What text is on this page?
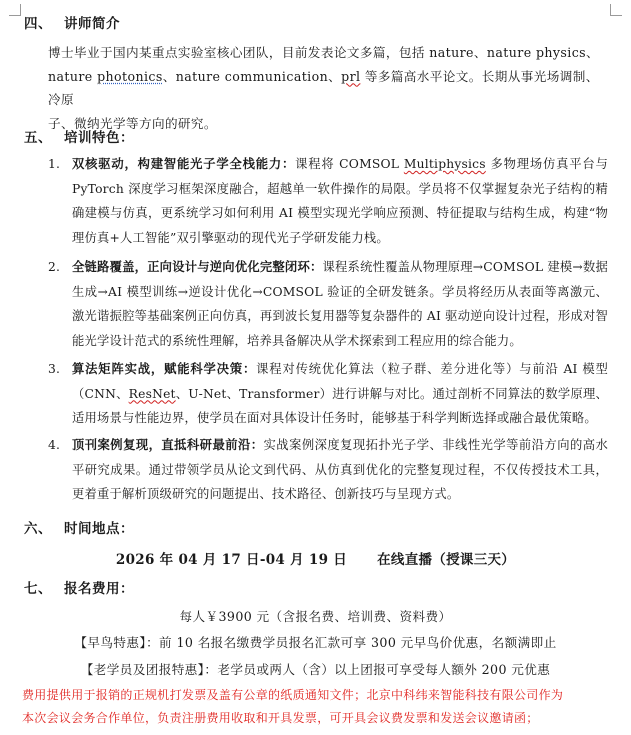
四、 讲师简介
博士毕业于国内某重点实验室核心团队，目前发表论文多篇，包括 nature、nature physics、
nature photonics、nature communication、prl 等多篇高水平论文。长期从事光场调制、冷原
子、微纳光学等方向的研究。
五、 培训特色：
1. 双核驱动，构建智能光子学全栈能力：课程将 COMSOL Multiphysics 多物理场仿真平台与 PyTorch 深度学习框架深度融合，超越单一软件操作的局限。学员将不仅掌握复杂光子结构的精确建模与仿真，更系统学习如何利用 AI 模型实现光学响应预测、特征提取与结构生成，构建“物理仿真+人工智能”双引擎驱动的现代光子学研发能力栈。
2. 全链路覆盖，正向设计与逆向优化完整闭环：课程系统性覆盖从物理原理→COMSOL 建模→数据生成→AI 模型训练→逆设计优化→COMSOL 验证的全研发链条。学员将经历从表面等离激元、激光谐振腔等基础案例正向仿真，再到波长复用器等复杂器件的 AI 驱动逆向设计过程，形成对智能光学设计范式的系统性理解，培养具备解决从学术探索到工程应用的综合能力。
3. 算法矩阵实战，赋能科学决策：课程对传统优化算法（粒子群、差分进化等）与前沿 AI 模型（CNN、ResNet、U-Net、Transformer）进行讲解与对比。通过剖析不同算法的数学原理、适用场景与性能边界，使学员在面对具体设计任务时，能够基于科学判断选择或融合最优策略。
4. 顶刊案例复现，直抵科研最前沿：实战案例深度复现拓扑光子学、非线性光学等前沿方向的高水平研究成果。通过带领学员从论文到代码、从仿真到优化的完整复现过程，不仅传授技术工具，更着重于解析顶级研究的问题提出、技术路径、创新技巧与呈现方式。
六、 时间地点：
2026 年 04 月 17 日-04 月 19 日      在线直播（授课三天）
七、 报名费用：
每人￥3900 元（含报名费、培训费、资料费）
【早鸟特惠】：前 10 名报名缴费学员报名汇款可享 300 元早鸟价优惠，名额满即止
【老学员及团报特惠】：老学员或两人（含）以上团报可享受每人额外 200 元优惠
费用提供用于报销的正规机打发票及盖有公章的纸质通知文件；北京中科纬来智能科技有限公司作为
本次会议会务合作单位，负责注册费用收取和开具发票，可开具会议费发票和发送会议邀请函；
